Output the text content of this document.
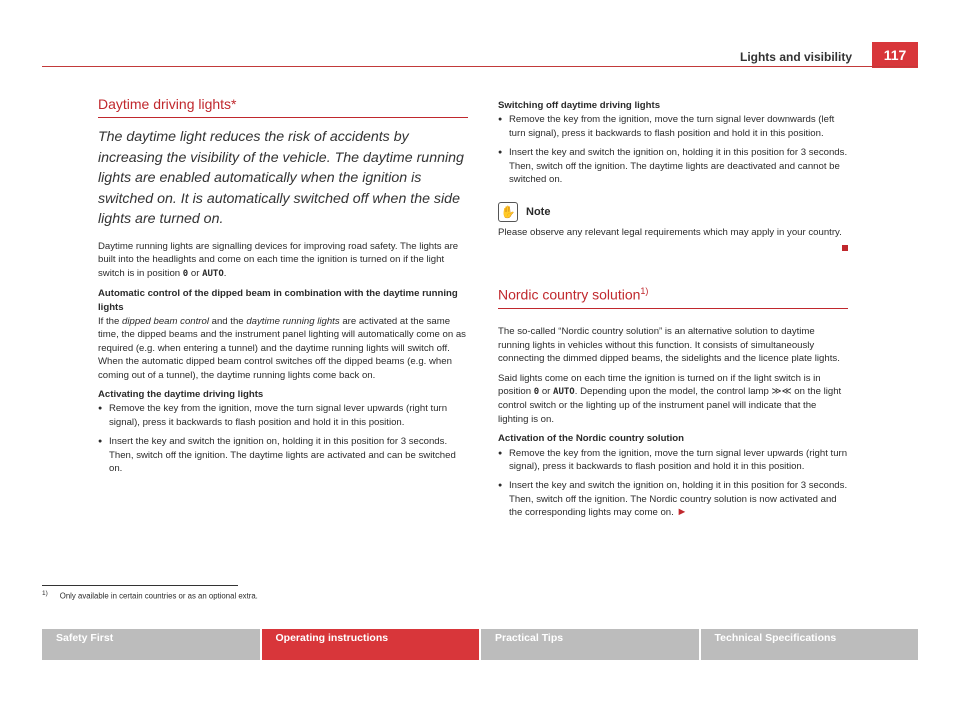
Lights and visibility	117
Daytime driving lights*
The daytime light reduces the risk of accidents by increasing the visibility of the vehicle. The daytime running lights are enabled automatically when the ignition is switched on. It is automatically switched off when the side lights are turned on.

Daytime running lights are signalling devices for improving road safety. The lights are built into the headlights and come on each time the ignition is turned on if the light switch is in position 0 or AUTO.

Automatic control of the dipped beam in combination with the daytime running lights

If the dipped beam control and the daytime running lights are activated at the same time, the dipped beams and the instrument panel lighting will automatically come on as required (e.g. when entering a tunnel) and the daytime running lights will switch off. When the automatic dipped beam control switches off the dipped beams (e.g. when coming out of a tunnel), the daytime running lights come back on.

Activating the daytime driving lights

● Remove the key from the ignition, move the turn signal lever upwards (right turn signal), press it backwards to flash position and hold it in this position.
● Insert the key and switch the ignition on, holding it in this position for 3 seconds. Then, switch off the ignition. The daytime lights are activated and can be switched on.

Switching off daytime driving lights

● Remove the key from the ignition, move the turn signal lever downwards (left turn signal), press it backwards to flash position and hold it in this position.
● Insert the key and switch the ignition on, holding it in this position for 3 seconds. Then, switch off the ignition. The daytime lights are deactivated and cannot be switched on.
✋ Note

Please observe any relevant legal requirements which may apply in your country.

Nordic country solution$^{1)}$

The so-called “Nordic country solution” is an alternative solution to daytime running lights in vehicles without this function. It consists of simultaneously connecting the dimmed dipped beams, the sidelights and the licence plate lights.

Said lights come on each time the ignition is turned on if the light switch is in position 0 or AUTO. Depending upon the model, the control lamp ≫≪ on the light control switch or the lighting up of the instrument panel will indicate that the lighting is on.

Activation of the Nordic country solution

● Remove the key from the ignition, move the turn signal lever upwards (right turn signal), press it backwards to flash position and hold it in this position.
● Insert the key and switch the ignition on, holding it in this position for 3 seconds. Then, switch off the ignition. The Nordic country solution is now activated and the corresponding lights may come on. ►
$^{1)}$ Only available in certain countries or as an optional extra.
Safety First	Operating instructions	Practical Tips	Technical Specifications
